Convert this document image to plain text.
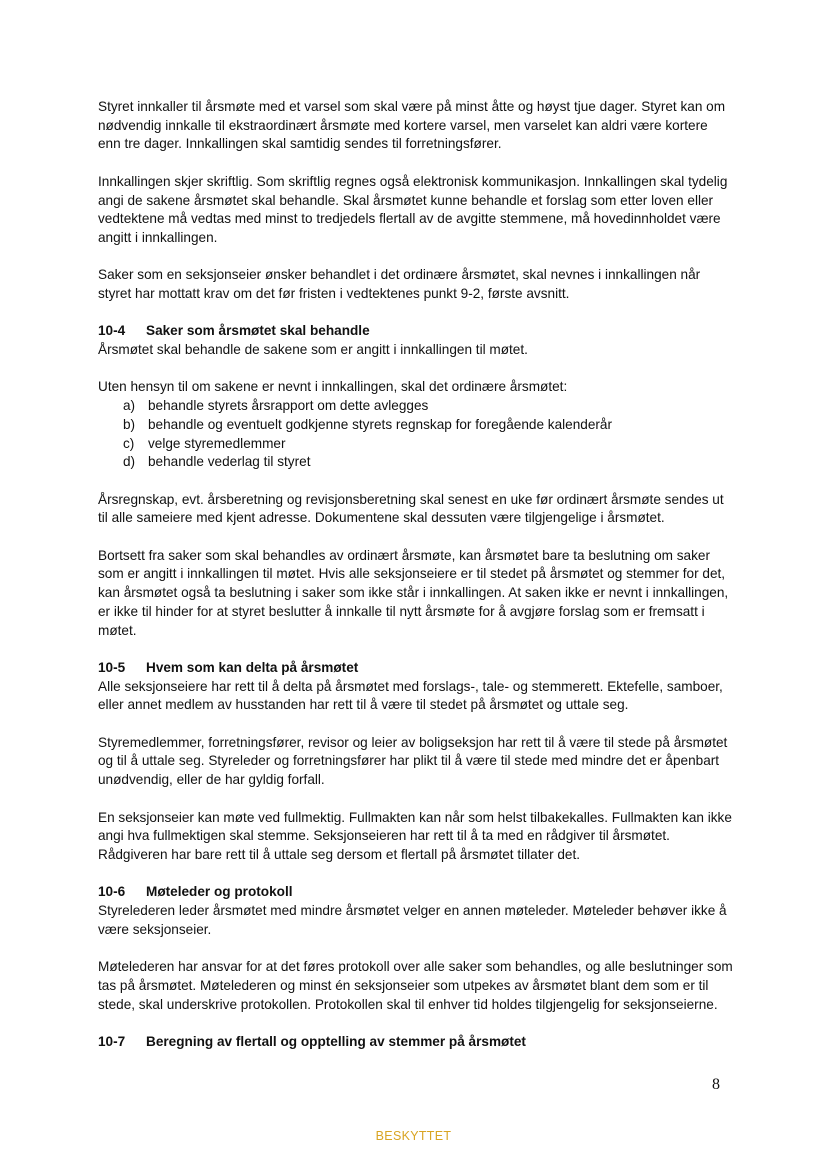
Styret innkaller til årsmøte med et varsel som skal være på minst åtte og høyst tjue dager. Styret kan om nødvendig innkalle til ekstraordinært årsmøte med kortere varsel, men varselet kan aldri være kortere enn tre dager. Innkallingen skal samtidig sendes til forretningsfører.

Innkallingen skjer skriftlig. Som skriftlig regnes også elektronisk kommunikasjon. Innkallingen skal tydelig angi de sakene årsmøtet skal behandle. Skal årsmøtet kunne behandle et forslag som etter loven eller vedtektene må vedtas med minst to tredjedels flertall av de avgitte stemmene, må hovedinnholdet være angitt i innkallingen.

Saker som en seksjonseier ønsker behandlet i det ordinære årsmøtet, skal nevnes i innkallingen når styret har mottatt krav om det før fristen i vedtektenes punkt 9-2, første avsnitt.

10-4 Saker som årsmøtet skal behandle

Årsmøtet skal behandle de sakene som er angitt i innkallingen til møtet.

Uten hensyn til om sakene er nevnt i innkallingen, skal det ordinære årsmøtet:
a) behandle styrets årsrapport om dette avlegges
b) behandle og eventuelt godkjenne styrets regnskap for foregående kalenderår
c) velge styremedlemmer
d) behandle vederlag til styret

Årsregnskap, evt. årsberetning og revisjonsberetning skal senest en uke før ordinært årsmøte sendes ut til alle sameiere med kjent adresse. Dokumentene skal dessuten være tilgjengelige i årsmøtet.

Bortsett fra saker som skal behandles av ordinært årsmøte, kan årsmøtet bare ta beslutning om saker som er angitt i innkallingen til møtet. Hvis alle seksjonseiere er til stedet på årsmøtet og stemmer for det, kan årsmøtet også ta beslutning i saker som ikke står i innkallingen. At saken ikke er nevnt i innkallingen, er ikke til hinder for at styret beslutter å innkalle til nytt årsmøte for å avgjøre forslag som er fremsatt i møtet.

10-5 Hvem som kan delta på årsmøtet

Alle seksjonseiere har rett til å delta på årsmøtet med forslags-, tale- og stemmerett. Ektefelle, samboer, eller annet medlem av husstanden har rett til å være til stedet på årsmøtet og uttale seg.

Styremedlemmer, forretningsfører, revisor og leier av boligseksjon har rett til å være til stede på årsmøtet og til å uttale seg. Styreleder og forretningsfører har plikt til å være til stede med mindre det er åpenbart unødvendig, eller de har gyldig forfall.

En seksjonseier kan møte ved fullmektig. Fullmakten kan når som helst tilbakekalles. Fullmakten kan ikke angi hva fullmektigen skal stemme. Seksjonseieren har rett til å ta med en rådgiver til årsmøtet. Rådgiveren har bare rett til å uttale seg dersom et flertall på årsmøtet tillater det.

10-6 Møteleder og protokoll

Styrelederen leder årsmøtet med mindre årsmøtet velger en annen møteleder. Møteleder behøver ikke å være seksjonseier.

Møtelederen har ansvar for at det føres protokoll over alle saker som behandles, og alle beslutninger som tas på årsmøtet. Møtelederen og minst én seksjonseier som utpekes av årsmøtet blant dem som er til stede, skal underskrive protokollen. Protokollen skal til enhver tid holdes tilgjengelig for seksjonseierne.

10-7 Beregning av flertall og opptelling av stemmer på årsmøtet
8
BESKYTTET
